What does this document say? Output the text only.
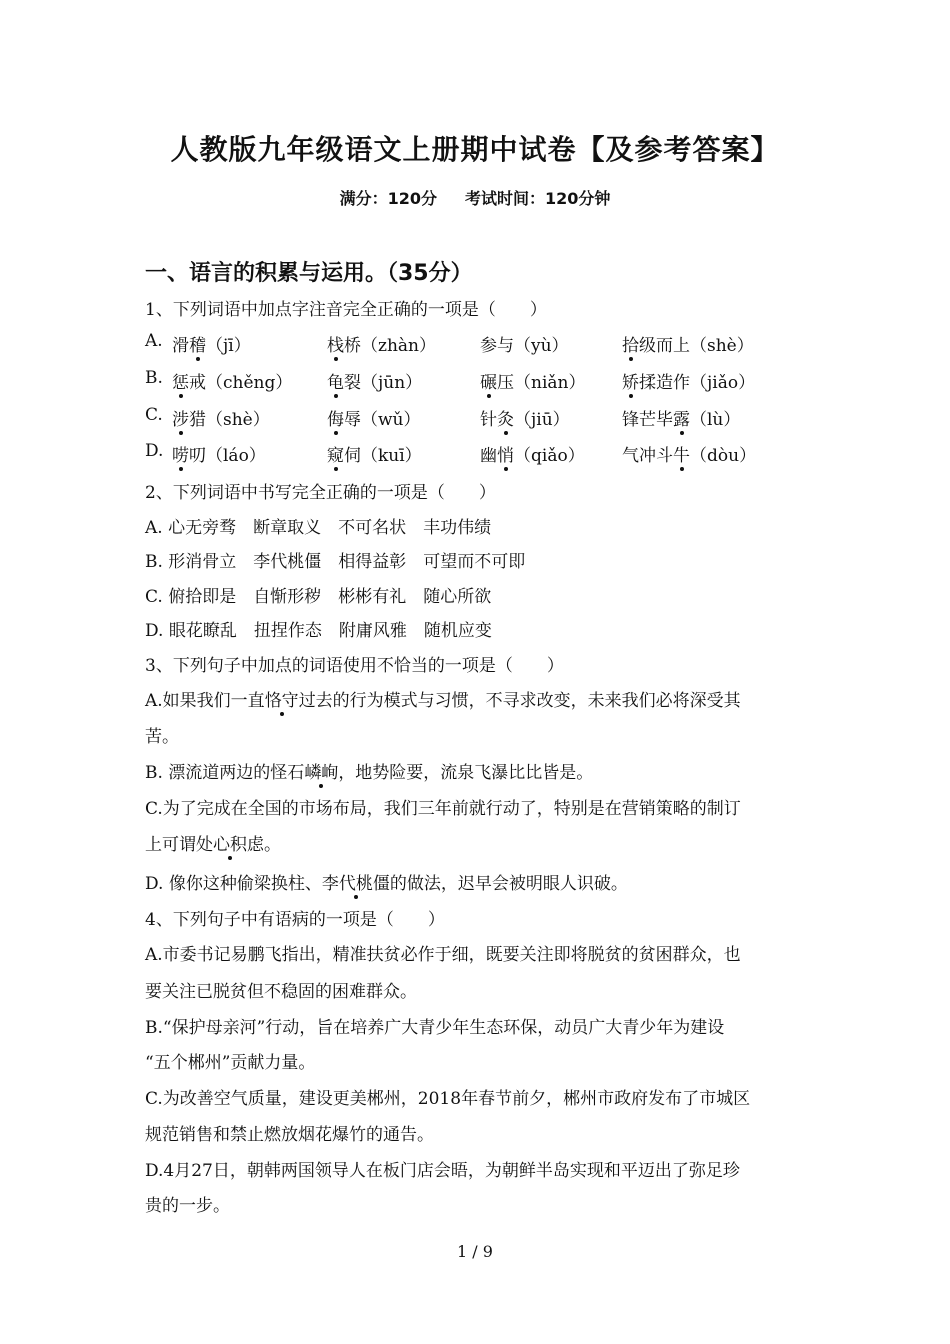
人教版九年级语文上册期中试卷【及参考答案】
满分：120分 考试时间：120分钟
一、语言的积累与运用。（35分）
1、下列词语中加点字注音完全正确的一项是（　　）
A. 滑稽（jī）	栈桥（zhàn）	参与（yù）	拾级而上（shè）
B. 惩戒（chěng） 龟裂（jūn）	碾压（niǎn） 矫揉造作（jiǎo）
C. 涉猎（shè）	侮辱（wǔ）	针灸（jiū）	锋芒毕露（lù）
D. 唠叨（láo）	窥伺（kuī）	幽悄（qiǎo） 气冲斗牛（dòu）
2、下列词语中书写完全正确的一项是（　　）
A. 心无旁骛　断章取义　不可名状　丰功伟绩
B. 形消骨立　李代桃僵　相得益彰　可望而不可即
C. 俯拾即是　自惭形秽　彬彬有礼　随心所欲
D. 眼花瞭乱　扭捏作态　附庸风雅　随机应变
3、下列句子中加点的词语使用不恰当的一项是（　　）
A.如果我们一直恪守过去的行为模式与习惯，不寻求改变，未来我们必将深受其
苦。
B. 漂流道两边的怪石嶙峋，地势险要，流泉飞瀑比比皆是。
C.为了完成在全国的市场布局，我们三年前就行动了，特别是在营销策略的制订
上可谓处心积虑。
D. 像你这种偷梁换柱、李代桃僵的做法，迟早会被明眼人识破。
4、下列句子中有语病的一项是（　　）
A.市委书记易鹏飞指出，精准扶贫必作于细，既要关注即将脱贫的贫困群众，也
要关注已脱贫但不稳固的困难群众。
B.“保护母亲河”行动，旨在培养广大青少年生态环保，动员广大青少年为建设
“五个郴州”贡献力量。
C.为改善空气质量，建设更美郴州，2018年春节前夕，郴州市政府发布了市城区
规范销售和禁止燃放烟花爆竹的通告。
D.4月27日，朝韩两国领导人在板门店会晤，为朝鲜半岛实现和平迈出了弥足珍
贵的一步。
1 / 9
